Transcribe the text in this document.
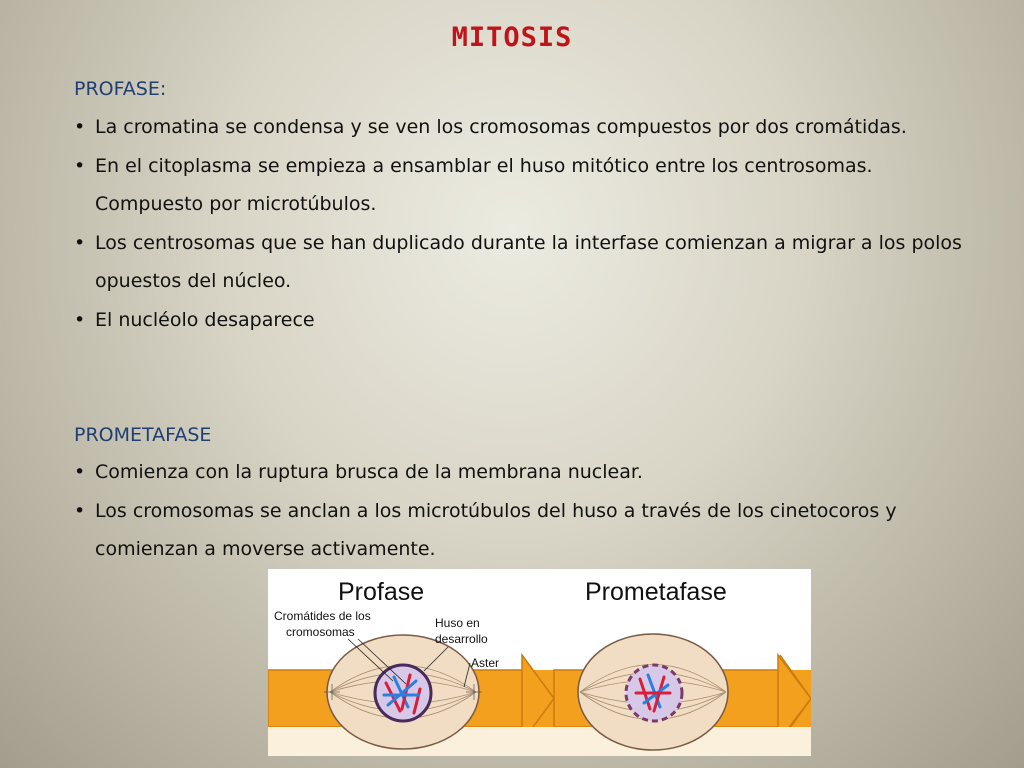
MITOSIS
PROFASE:
• La cromatina se condensa y se ven los cromosomas compuestos por dos cromátidas.
• En el citoplasma se empieza a ensamblar el huso mitótico entre los centrosomas. Compuesto por microtúbulos.
• Los centrosomas que se han duplicado durante la interfase comienzan a migrar a los polos opuestos del núcleo.
• El nucléolo desaparece
PROMETAFASE
• Comienza con la ruptura brusca de la membrana nuclear.
• Los cromosomas se anclan a los microtúbulos del huso a través de los cinetocoros y comienzan a moverse activamente.
Profase	Prometafase
Cromátides de los
cromosomas
Huso en
desarrollo
Aster
